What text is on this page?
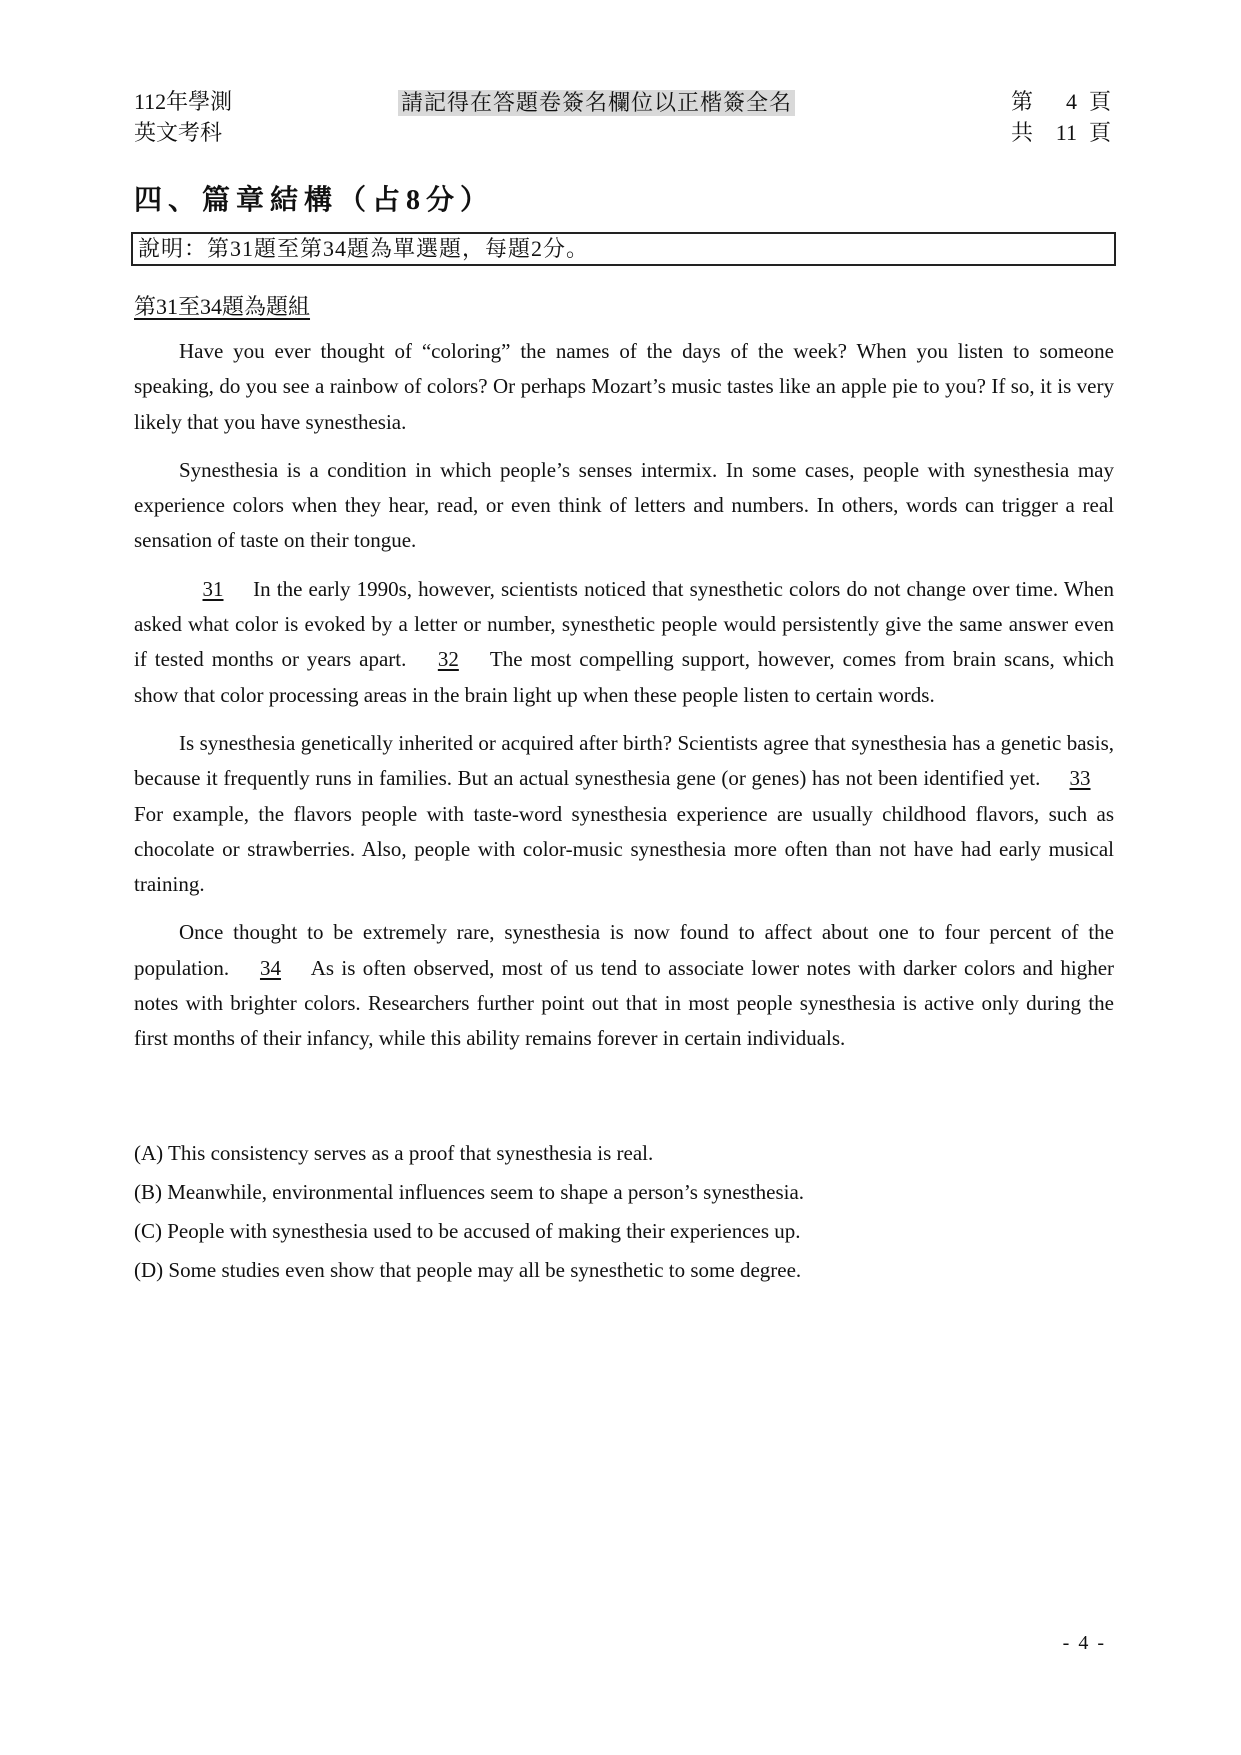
112年學測
英文考科
請記得在答題卷簽名欄位以正楷簽全名	第 4 頁
共 11 頁
四、篇章結構（占8分）
說明：第31題至第34題為單選題，每題2分。
第31至34題為題組

Have you ever thought of “coloring” the names of the days of the week? When you listen to someone speaking, do you see a rainbow of colors? Or perhaps Mozart’s music tastes like an apple pie to you? If so, it is very likely that you have synesthesia.

Synesthesia is a condition in which people’s senses intermix. In some cases, people with synesthesia may experience colors when they hear, read, or even think of letters and numbers. In others, words can trigger a real sensation of taste on their tongue.

31 In the early 1990s, however, scientists noticed that synesthetic colors do not change over time. When asked what color is evoked by a letter or number, synesthetic people would persistently give the same answer even if tested months or years apart. 32 The most compelling support, however, comes from brain scans, which show that color processing areas in the brain light up when these people listen to certain words.

Is synesthesia genetically inherited or acquired after birth? Scientists agree that synesthesia has a genetic basis, because it frequently runs in families. But an actual synesthesia gene (or genes) has not been identified yet. 33 For example, the flavors people with taste-word synesthesia experience are usually childhood flavors, such as chocolate or strawberries. Also, people with color-music synesthesia more often than not have had early musical training.

Once thought to be extremely rare, synesthesia is now found to affect about one to four percent of the population. 34 As is often observed, most of us tend to associate lower notes with darker colors and higher notes with brighter colors. Researchers further point out that in most people synesthesia is active only during the first months of their infancy, while this ability remains forever in certain individuals.

(A) This consistency serves as a proof that synesthesia is real.
(B) Meanwhile, environmental influences seem to shape a person’s synesthesia.
(C) People with synesthesia used to be accused of making their experiences up.
(D) Some studies even show that people may all be synesthetic to some degree.
- 4 -
